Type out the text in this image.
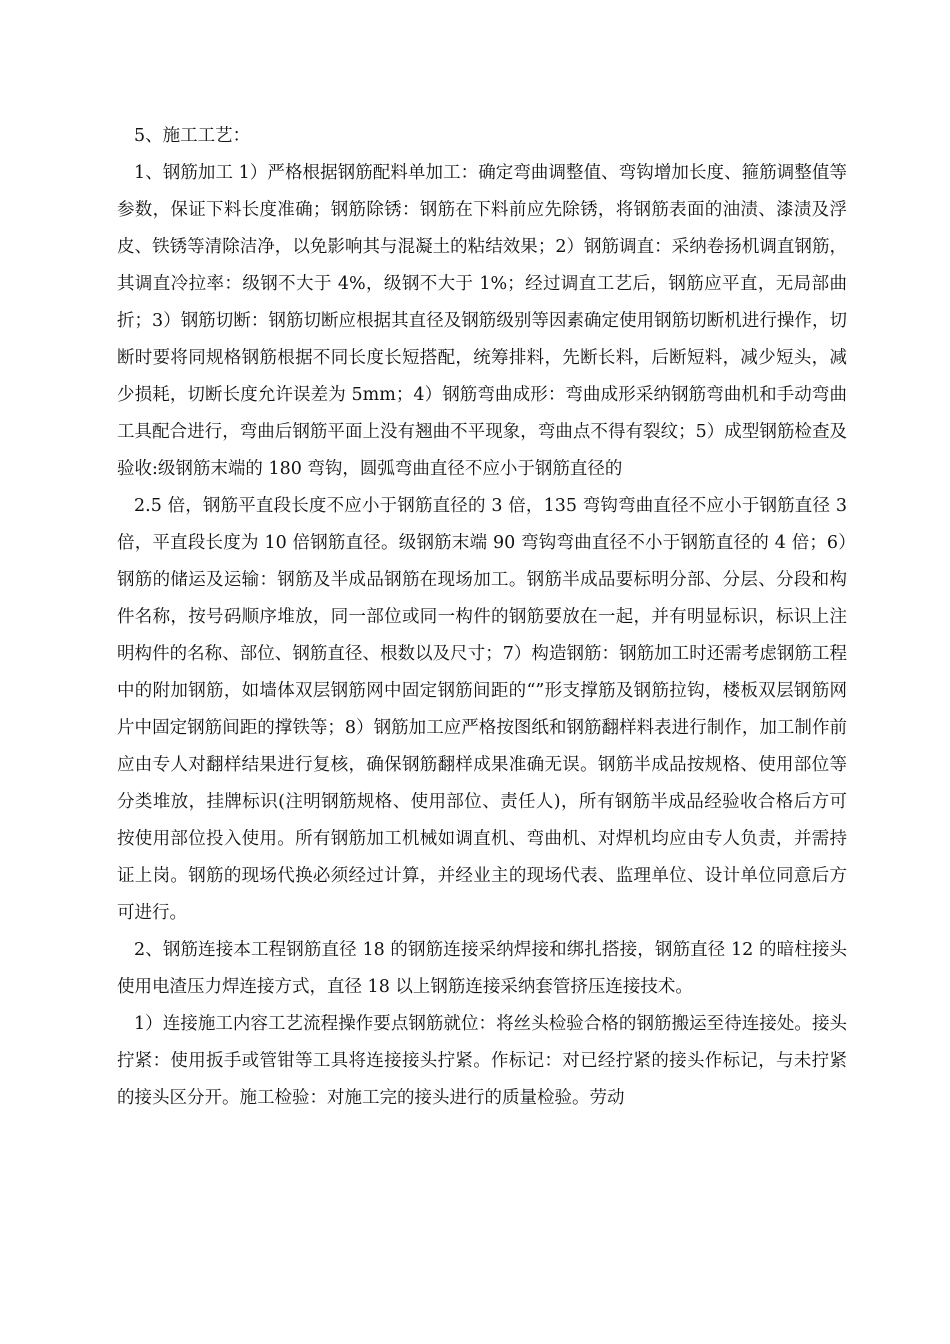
5、施工工艺：

1、钢筋加工 1）严格根据钢筋配料单加工：确定弯曲调整值、弯钩增加长度、箍筋调整值等参数，保证下料长度准确；钢筋除锈：钢筋在下料前应先除锈，将钢筋表面的油渍、漆渍及浮皮、铁锈等清除洁净，以免影响其与混凝土的粘结效果；2）钢筋调直：采纳卷扬机调直钢筋，其调直冷拉率：级钢不大于 4%，级钢不大于 1%；经过调直工艺后，钢筋应平直，无局部曲折；3）钢筋切断：钢筋切断应根据其直径及钢筋级别等因素确定使用钢筋切断机进行操作，切断时要将同规格钢筋根据不同长度长短搭配，统筹排料，先断长料，后断短料，减少短头，减少损耗，切断长度允许误差为 5mm；4）钢筋弯曲成形：弯曲成形采纳钢筋弯曲机和手动弯曲工具配合进行，弯曲后钢筋平面上没有翘曲不平现象，弯曲点不得有裂纹；5）成型钢筋检查及验收:级钢筋末端的 180 弯钩，圆弧弯曲直径不应小于钢筋直径的

2.5 倍，钢筋平直段长度不应小于钢筋直径的 3 倍，135 弯钩弯曲直径不应小于钢筋直径 3 倍，平直段长度为 10 倍钢筋直径。级钢筋末端 90 弯钩弯曲直径不小于钢筋直径的 4 倍；6）钢筋的储运及运输：钢筋及半成品钢筋在现场加工。钢筋半成品要标明分部、分层、分段和构件名称，按号码顺序堆放，同一部位或同一构件的钢筋要放在一起，并有明显标识，标识上注明构件的名称、部位、钢筋直径、根数以及尺寸；7）构造钢筋：钢筋加工时还需考虑钢筋工程中的附加钢筋，如墙体双层钢筋网中固定钢筋间距的“”形支撑筋及钢筋拉钩，楼板双层钢筋网片中固定钢筋间距的撑铁等；8）钢筋加工应严格按图纸和钢筋翻样料表进行制作，加工制作前应由专人对翻样结果进行复核，确保钢筋翻样成果准确无误。钢筋半成品按规格、使用部位等分类堆放，挂牌标识(注明钢筋规格、使用部位、责任人)，所有钢筋半成品经验收合格后方可按使用部位投入使用。所有钢筋加工机械如调直机、弯曲机、对焊机均应由专人负责，并需持证上岗。钢筋的现场代换必须经过计算，并经业主的现场代表、监理单位、设计单位同意后方可进行。

2、钢筋连接本工程钢筋直径 18 的钢筋连接采纳焊接和绑扎搭接，钢筋直径 12 的暗柱接头使用电渣压力焊连接方式，直径 18 以上钢筋连接采纳套管挤压连接技术。

1）连接施工内容工艺流程操作要点钢筋就位：将丝头检验合格的钢筋搬运至待连接处。接头拧紧：使用扳手或管钳等工具将连接接头拧紧。作标记：对已经拧紧的接头作标记，与未拧紧的接头区分开。施工检验：对施工完的接头进行的质量检验。劳动
